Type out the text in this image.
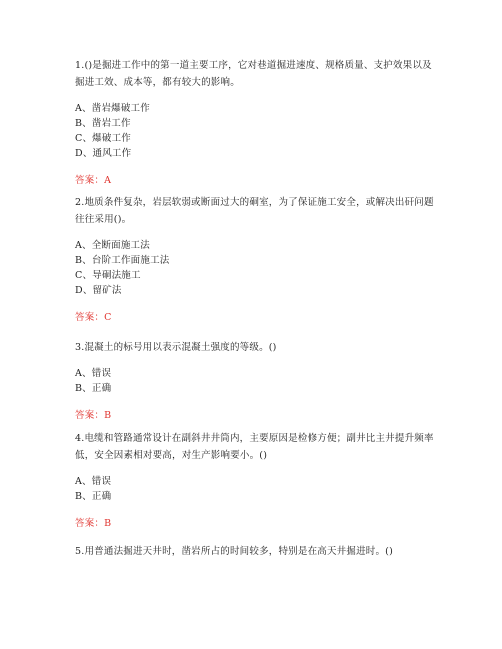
1.()是掘进工作中的第一道主要工序，它对巷道掘进速度、规格质量、支护效果以及掘进工效、成本等，都有较大的影响。

A、凿岩爆破工作

B、凿岩工作

C、爆破工作

D、通风工作

答案：A

2.地质条件复杂，岩层软弱或断面过大的硐室，为了保证施工安全，或解决出矸问题往往采用()。

A、全断面施工法

B、台阶工作面施工法

C、导硐法施工

D、留矿法

答案：C

3.混凝土的标号用以表示混凝土强度的等级。()

A、错误

B、正确

答案：B

4.电缆和管路通常设计在副斜井井筒内，主要原因是检修方便；副井比主井提升频率低，安全因素相对要高，对生产影响要小。()

A、错误

B、正确

答案：B

5.用普通法掘进天井时，凿岩所占的时间较多，特别是在高天井掘进时。()
